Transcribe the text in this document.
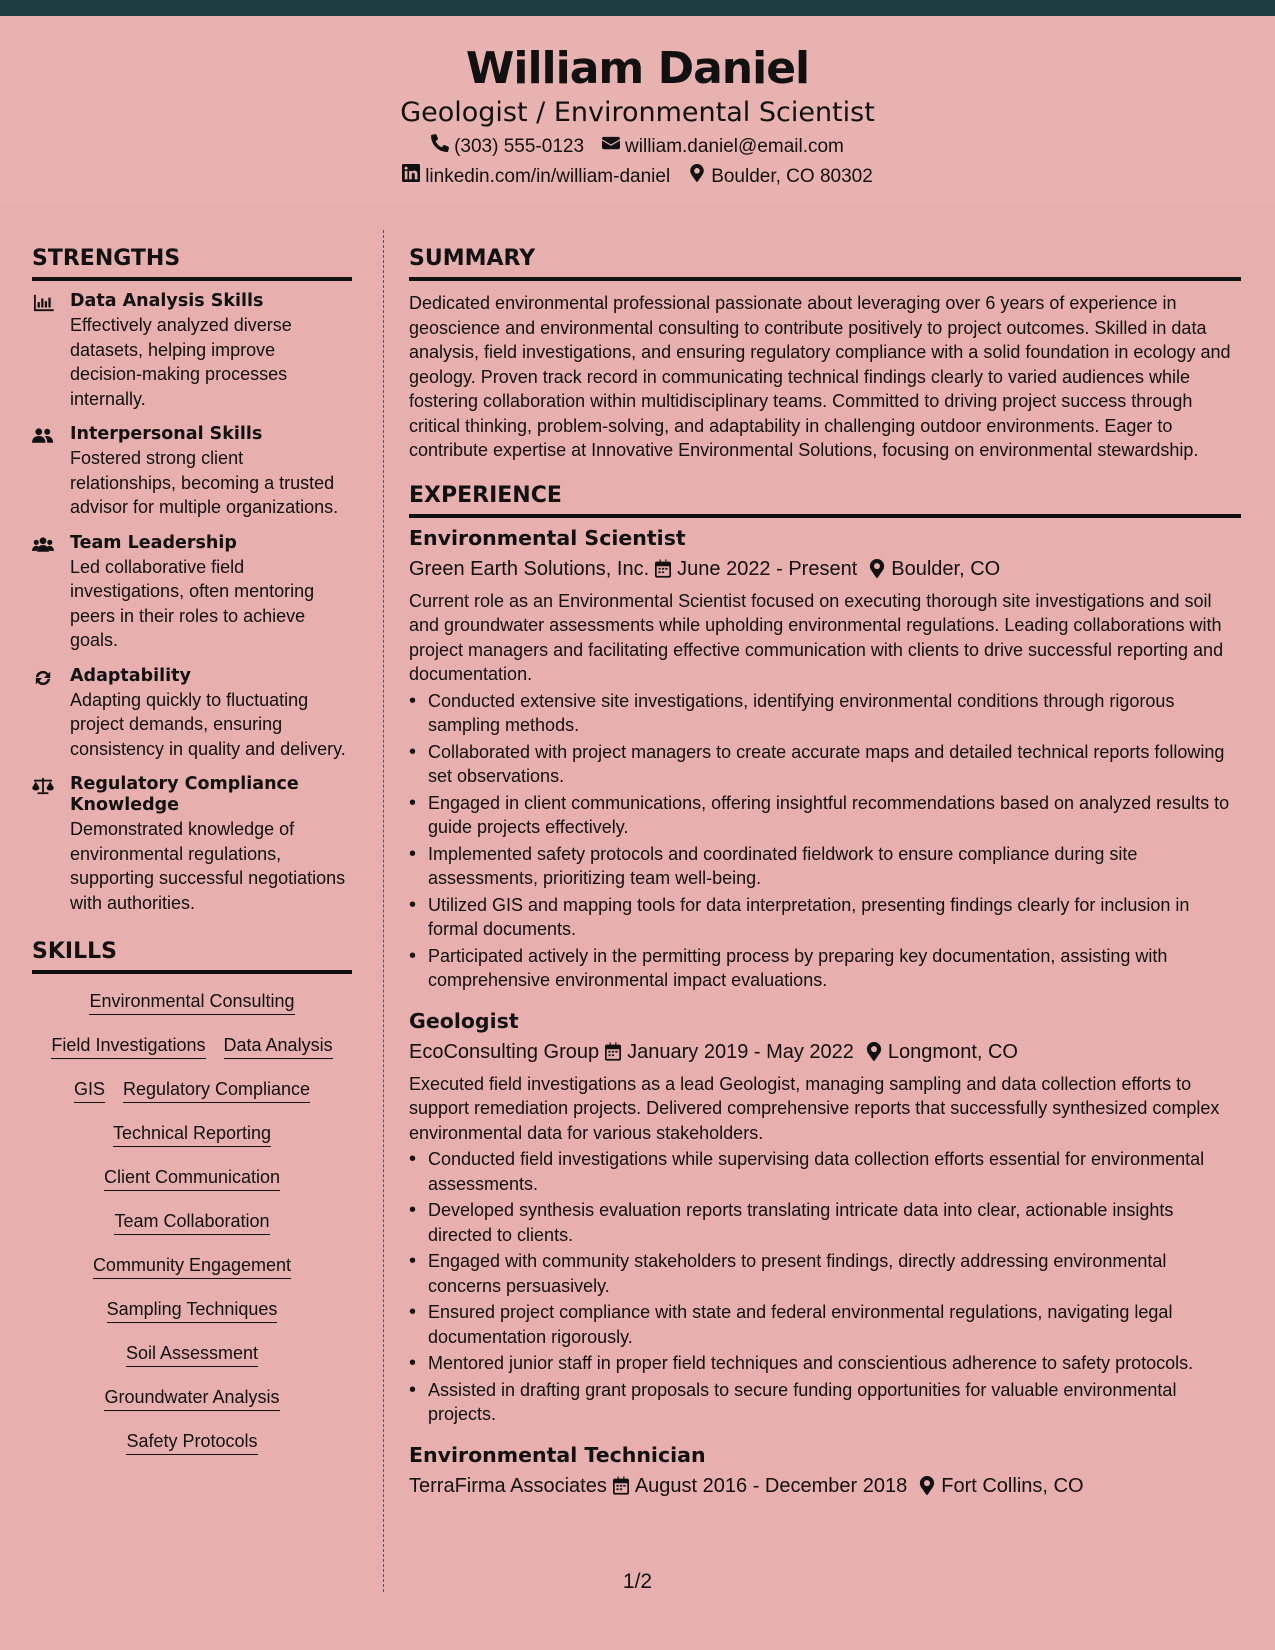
William Daniel
Geologist / Environmental Scientist
(303) 555-0123 william.daniel@email.com
linkedin.com/in/william-daniel Boulder, CO 80302
STRENGTHS
Data Analysis Skills
Effectively analyzed diverse datasets, helping improve decision-making processes internally.
Interpersonal Skills
Fostered strong client relationships, becoming a trusted advisor for multiple organizations.
Team Leadership
Led collaborative field investigations, often mentoring peers in their roles to achieve goals.
Adaptability
Adapting quickly to fluctuating project demands, ensuring consistency in quality and delivery.
Regulatory Compliance Knowledge
Demonstrated knowledge of environmental regulations, supporting successful negotiations with authorities.
SKILLS
Environmental Consulting
Field Investigations Data Analysis
GIS Regulatory Compliance
Technical Reporting
Client Communication
Team Collaboration
Community Engagement
Sampling Techniques
Soil Assessment
Groundwater Analysis
Safety Protocols
SUMMARY
Dedicated environmental professional passionate about leveraging over 6 years of experience in geoscience and environmental consulting to contribute positively to project outcomes. Skilled in data analysis, field investigations, and ensuring regulatory compliance with a solid foundation in ecology and geology. Proven track record in communicating technical findings clearly to varied audiences while fostering collaboration within multidisciplinary teams. Committed to driving project success through critical thinking, problem-solving, and adaptability in challenging outdoor environments. Eager to contribute expertise at Innovative Environmental Solutions, focusing on environmental stewardship.
EXPERIENCE
Environmental Scientist
Green Earth Solutions, Inc. June 2022 - Present Boulder, CO
Current role as an Environmental Scientist focused on executing thorough site investigations and soil and groundwater assessments while upholding environmental regulations. Leading collaborations with project managers and facilitating effective communication with clients to drive successful reporting and documentation.
• Conducted extensive site investigations, identifying environmental conditions through rigorous sampling methods.
• Collaborated with project managers to create accurate maps and detailed technical reports following set observations.
• Engaged in client communications, offering insightful recommendations based on analyzed results to guide projects effectively.
• Implemented safety protocols and coordinated fieldwork to ensure compliance during site assessments, prioritizing team well-being.
• Utilized GIS and mapping tools for data interpretation, presenting findings clearly for inclusion in formal documents.
• Participated actively in the permitting process by preparing key documentation, assisting with comprehensive environmental impact evaluations.
Geologist
EcoConsulting Group January 2019 - May 2022 Longmont, CO
Executed field investigations as a lead Geologist, managing sampling and data collection efforts to support remediation projects. Delivered comprehensive reports that successfully synthesized complex environmental data for various stakeholders.
• Conducted field investigations while supervising data collection efforts essential for environmental assessments.
• Developed synthesis evaluation reports translating intricate data into clear, actionable insights directed to clients.
• Engaged with community stakeholders to present findings, directly addressing environmental concerns persuasively.
• Ensured project compliance with state and federal environmental regulations, navigating legal documentation rigorously.
• Mentored junior staff in proper field techniques and conscientious adherence to safety protocols.
• Assisted in drafting grant proposals to secure funding opportunities for valuable environmental projects.
Environmental Technician
TerraFirma Associates August 2016 - December 2018 Fort Collins, CO
1/2
